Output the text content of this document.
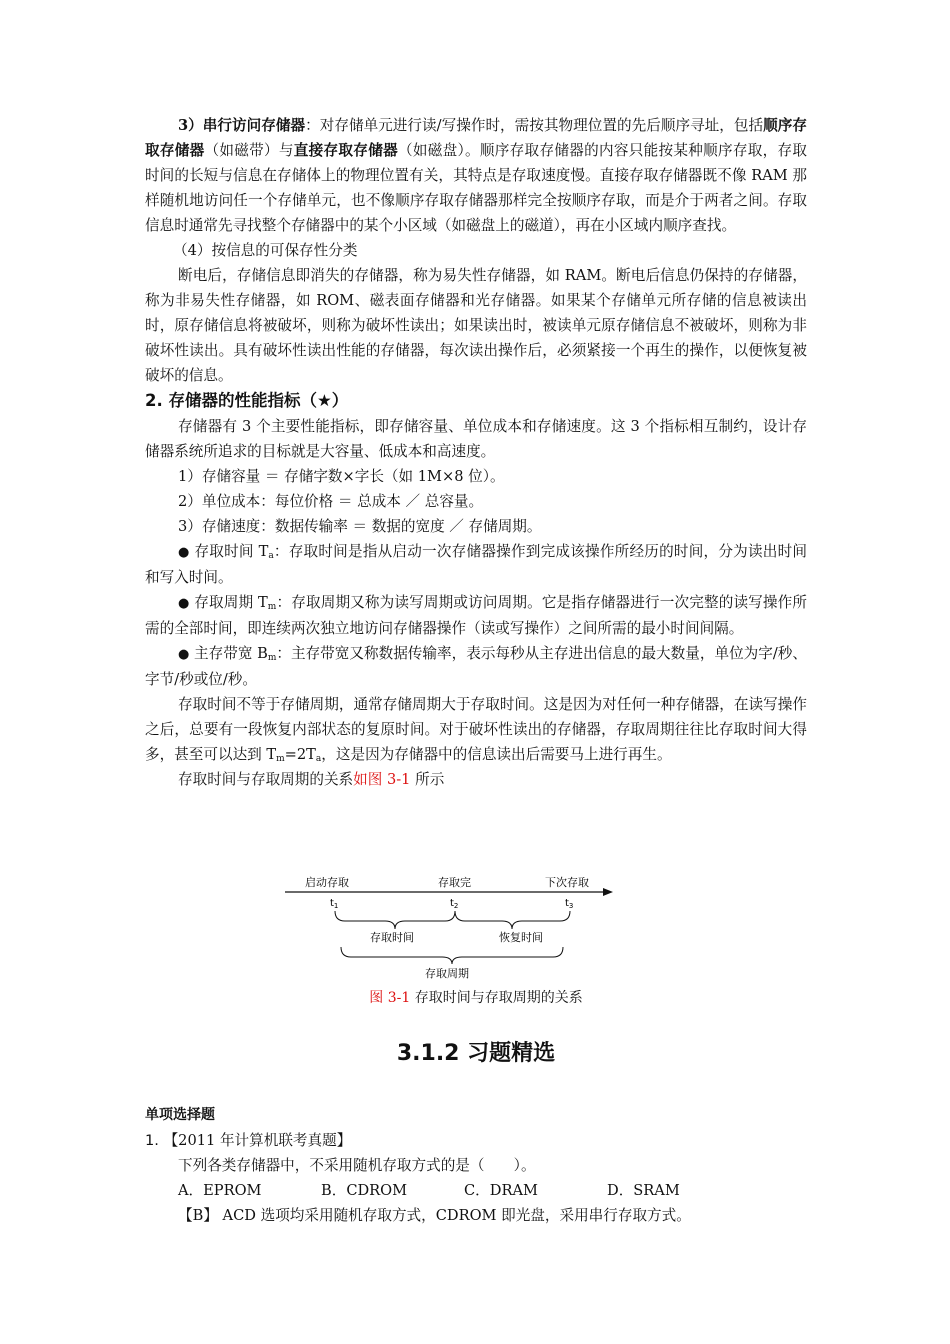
3）串行访问存储器：对存储单元进行读/写操作时，需按其物理位置的先后顺序寻址，包括顺序存取存储器（如磁带）与直接存取存储器（如磁盘）。顺序存取存储器的内容只能按某种顺序存取，存取时间的长短与信息在存储体上的物理位置有关，其特点是存取速度慢。直接存取存储器既不像 RAM 那样随机地访问任一个存储单元，也不像顺序存取存储器那样完全按顺序存取，而是介于两者之间。存取信息时通常先寻找整个存储器中的某个小区域（如磁盘上的磁道），再在小区域内顺序查找。

（4）按信息的可保存性分类

断电后，存储信息即消失的存储器，称为易失性存储器，如 RAM。断电后信息仍保持的存储器，称为非易失性存储器，如 ROM、磁表面存储器和光存储器。如果某个存储单元所存储的信息被读出时，原存储信息将被破坏，则称为破坏性读出；如果读出时，被读单元原存储信息不被破坏，则称为非破坏性读出。具有破坏性读出性能的存储器，每次读出操作后，必须紧接一个再生的操作，以便恢复被破坏的信息。

2. 存储器的性能指标（★）

存储器有 3 个主要性能指标，即存储容量、单位成本和存储速度。这 3 个指标相互制约，设计存储器系统所追求的目标就是大容量、低成本和高速度。

1）存储容量 ＝ 存储字数×字长（如 1M×8 位）。

2）单位成本：每位价格 ＝ 总成本 ／ 总容量。

3）存储速度：数据传输率 ＝ 数据的宽度 ／ 存储周期。

● 存取时间 $T_a$：存取时间是指从启动一次存储器操作到完成该操作所经历的时间，分为读出时间和写入时间。

● 存取周期 $T_m$：存取周期又称为读写周期或访问周期。它是指存储器进行一次完整的读写操作所需的全部时间，即连续两次独立地访问存储器操作（读或写操作）之间所需的最小时间间隔。

● 主存带宽 $B_m$：主存带宽又称数据传输率，表示每秒从主存进出信息的最大数量，单位为字/秒、字节/秒或位/秒。

存取时间不等于存储周期，通常存储周期大于存取时间。这是因为对任何一种存储器，在读写操作之后，总要有一段恢复内部状态的复原时间。对于破坏性读出的存储器，存取周期往往比存取时间大得多，甚至可以达到 $T_m=2T_a$，这是因为存储器中的信息读出后需要马上进行再生。

存取时间与存取周期的关系如图 3-1 所示

启动存取	存取完	下次存取
$t_1$	$t_2$	$t_3$
存取时间	恢复时间
存取周期
图 3-1 存取时间与存取周期的关系
3.1.2 习题精选

单项选择题

1. 【2011 年计算机联考真题】

下列各类存储器中，不采用随机存取方式的是（　　）。

A．EPROM	B．CDROM	C．DRAM	D．SRAM

【B】 ACD 选项均采用随机存取方式，CDROM 即光盘，采用串行存取方式。
